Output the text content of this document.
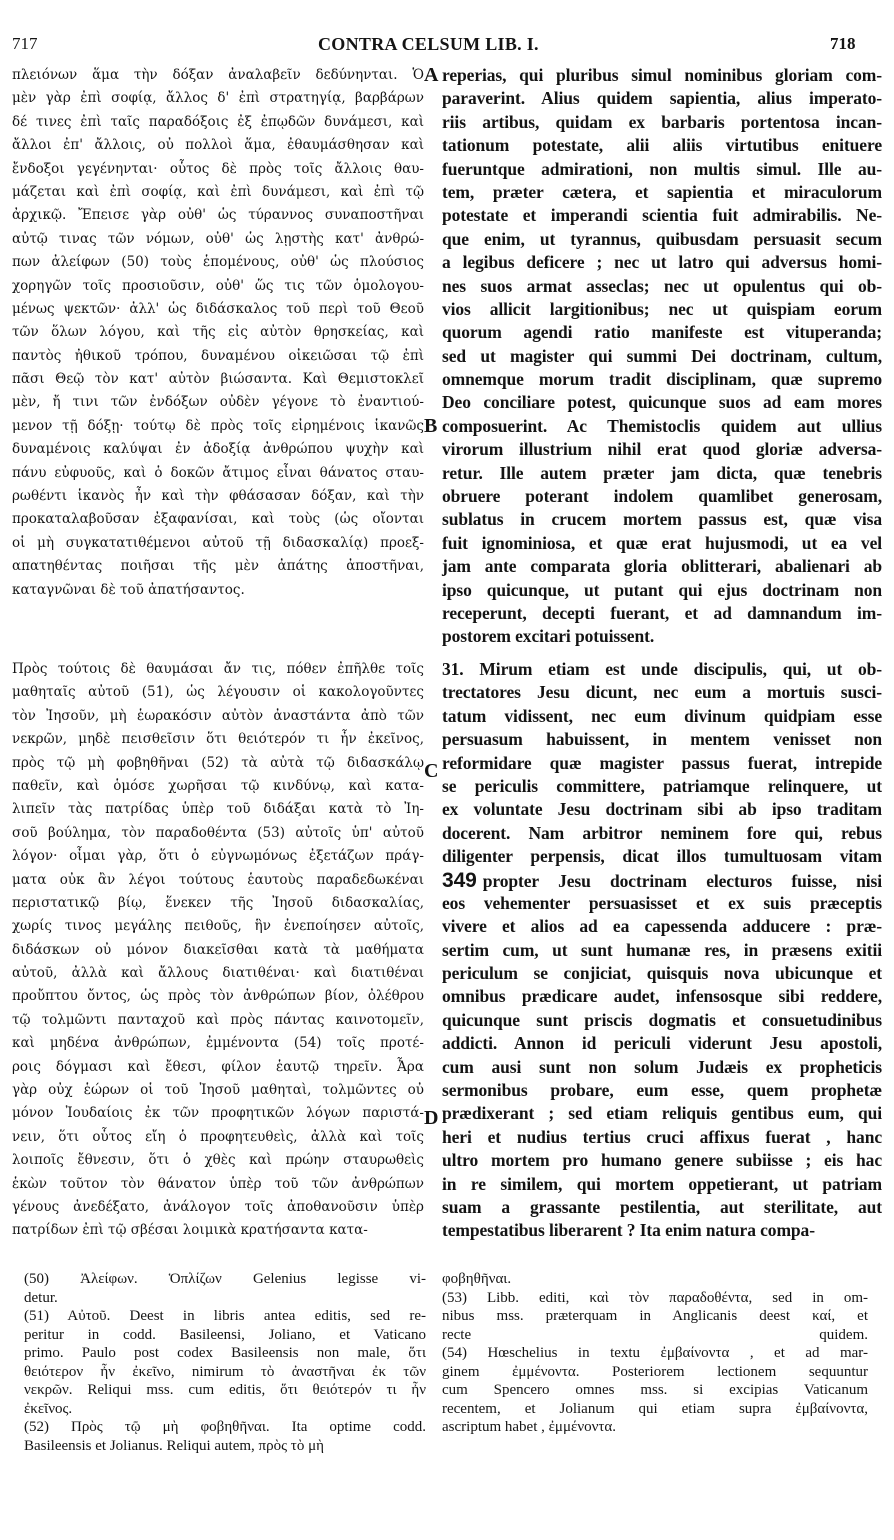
717	CONTRA CELSUM LIB. I.	718
πλειόνων ἅμα τὴν δόξαν ἀναλαβεῖν δεδύνηνται. Ὁ
μὲν γὰρ ἐπὶ σοφίᾳ, ἄλλος δ' ἐπὶ στρατηγίᾳ, βαρβάρων
δέ τινες ἐπὶ ταῖς παραδόξοις ἐξ ἐπῳδῶν δυνάμεσι, καὶ
ἄλλοι ἐπ' ἄλλοις, οὐ πολλοὶ ἅμα, ἐθαυμάσθησαν καὶ
ἔνδοξοι γεγένηνται· οὗτος δὲ πρὸς τοῖς ἄλλοις θαυ-
μάζεται καὶ ἐπὶ σοφίᾳ, καὶ ἐπὶ δυνάμεσι, καὶ ἐπὶ τῷ
ἀρχικῷ. Ἔπεισε γὰρ οὐθ' ὡς τύραννος συναποστῆναι
αὐτῷ τινας τῶν νόμων, οὐθ' ὡς λῃστὴς κατ' ἀνθρώ-
πων ἀλείφων (50) τοὺς ἑπομένους, οὐθ' ὡς πλούσιος
χορηγῶν τοῖς προσιοῦσιν, οὐθ' ὥς τις τῶν ὁμολογου-
μένως ψεκτῶν· ἀλλ' ὡς διδάσκαλος τοῦ περὶ τοῦ Θεοῦ
τῶν ὅλων λόγου, καὶ τῆς εἰς αὐτὸν θρησκείας, καὶ
παντὸς ἠθικοῦ τρόπου, δυναμένου οἰκειῶσαι τῷ ἐπὶ
πᾶσι Θεῷ τὸν κατ' αὐτὸν βιώσαντα. Καὶ Θεμιστοκλεῖ
μὲν, ἤ τινι τῶν ἐνδόξων οὐδὲν γέγονε τὸ ἐναντιού-
μενον τῇ δόξῃ· τούτῳ δὲ πρὸς τοῖς εἰρημένοις ἱκανῶς
δυναμένοις καλύψαι ἐν ἀδοξίᾳ ἀνθρώπου ψυχὴν καὶ
πάνυ εὐφυοῦς, καὶ ὁ δοκῶν ἄτιμος εἶναι θάνατος σταυ-
ρωθέντι ἱκανὸς ἦν καὶ τὴν φθάσασαν δόξαν, καὶ τὴν
προκαταλαβοῦσαν ἐξαφανίσαι, καὶ τοὺς (ὡς οἴονται
οἱ μὴ συγκατατιθέμενοι αὐτοῦ τῇ διδασκαλίᾳ) προεξ-
απατηθέντας ποιῆσαι τῆς μὲν ἀπάτης ἀποστῆναι,
καταγνῶναι δὲ τοῦ ἀπατήσαντος.
Πρὸς τούτοις δὲ θαυμάσαι ἄν τις, πόθεν ἐπῆλθε τοῖς
μαθηταῖς αὐτοῦ (51), ὡς λέγουσιν οἱ κακολογοῦντες
τὸν Ἰησοῦν, μὴ ἑωρακόσιν αὐτὸν ἀναστάντα ἀπὸ τῶν
νεκρῶν, μηδὲ πεισθεῖσιν ὅτι θειότερόν τι ἦν ἐκεῖνος,
πρὸς τῷ μὴ φοβηθῆναι (52) τὰ αὐτὰ τῷ διδασκάλῳ
παθεῖν, καὶ ὁμόσε χωρῆσαι τῷ κινδύνῳ, καὶ κατα-
λιπεῖν τὰς πατρίδας ὑπὲρ τοῦ διδάξαι κατὰ τὸ Ἰη-
σοῦ βούλημα, τὸν παραδοθέντα (53) αὐτοῖς ὑπ' αὐτοῦ
λόγον· οἶμαι γὰρ, ὅτι ὁ εὐγνωμόνως ἐξετάζων πράγ-
ματα οὐκ ἂν λέγοι τούτους ἑαυτοὺς παραδεδωκέναι
περιστατικῷ βίῳ, ἕνεκεν τῆς Ἰησοῦ διδασκαλίας,
χωρίς τινος μεγάλης πειθοῦς, ἣν ἐνεποίησεν αὐτοῖς,
διδάσκων οὐ μόνον διακεῖσθαι κατὰ τὰ μαθήματα
αὐτοῦ, ἀλλὰ καὶ ἄλλους διατιθέναι· καὶ διατιθέναι
προὔπτου ὄντος, ὡς πρὸς τὸν ἀνθρώπων βίον, ὀλέθρου
τῷ τολμῶντι πανταχοῦ καὶ πρὸς πάντας καινοτομεῖν,
καὶ μηδένα ἀνθρώπων, ἐμμένοντα (54) τοῖς προτέ-
ροις δόγμασι καὶ ἔθεσι, φίλον ἑαυτῷ τηρεῖν. Ἆρα
γὰρ οὐχ ἑώρων οἱ τοῦ Ἰησοῦ μαθηταὶ, τολμῶντες οὐ
μόνον Ἰουδαίοις ἐκ τῶν προφητικῶν λόγων παριστά-
νειν, ὅτι οὗτος εἴη ὁ προφητευθεὶς, ἀλλὰ καὶ τοῖς
λοιποῖς ἔθνεσιν, ὅτι ὁ χθὲς καὶ πρώην σταυρωθεὶς
ἑκὼν τοῦτον τὸν θάνατον ὑπὲρ τοῦ τῶν ἀνθρώπων
γένους ἀνεδέξατο, ἀνάλογον τοῖς ἀποθανοῦσιν ὑπὲρ
πατρίδων ἐπὶ τῷ σβέσαι λοιμικὰ κρατήσαντα κατα-
reperias, qui pluribus simul nominibus gloriam com-
paraverint. Alius quidem sapientia, alius imperato-
riis artibus, quidam ex barbaris portentosa incan-
tationum potestate, alii aliis virtutibus enituere
fueruntque admirationi, non multis simul. Ille au-
tem, præter cætera, et sapientia et miraculorum
potestate et imperandi scientia fuit admirabilis. Ne-
que enim, ut tyrannus, quibusdam persuasit secum
a legibus deficere ; nec ut latro qui adversus homi-
nes suos armat asseclas; nec ut opulentus qui ob-
vios allicit largitionibus; nec ut quispiam eorum
quorum agendi ratio manifeste est vituperanda;
sed ut magister qui summi Dei doctrinam, cultum,
omnemque morum tradit disciplinam, quæ supremo
Deo conciliare potest, quicunque suos ad eam mores
composuerint. Ac Themistoclis quidem aut ullius
virorum illustrium nihil erat quod gloriæ adversa-
retur. Ille autem præter jam dicta, quæ tenebris
obruere poterant indolem quamlibet generosam,
sublatus in crucem mortem passus est, quæ visa
fuit ignominiosa, et quæ erat hujusmodi, ut ea vel
jam ante comparata gloria oblitterari, abalienari ab
ipso quicunque, ut putant qui ejus doctrinam non
receperunt, decepti fuerant, et ad damnandum im-
postorem excitari potuissent.
31. Mirum etiam est unde discipulis, qui, ut ob-
trectatores Jesu dicunt, nec eum a mortuis susci-
tatum vidissent, nec eum divinum quidpiam esse
persuasum habuissent, in mentem venisset non
reformidare quæ magister passus fuerat, intrepide
se periculis committere, patriamque relinquere, ut
ex voluntate Jesu doctrinam sibi ab ipso traditam
docerent. Nam arbitror neminem fore qui, rebus
diligenter perpensis, dicat illos tumultuosam vitam
349 propter Jesu doctrinam electuros fuisse, nisi
eos vehementer persuasisset et ex suis præceptis
vivere et alios ad ea capessenda adducere : præ-
sertim cum, ut sunt humanæ res, in præsens exitii
periculum se conjiciat, quisquis nova ubicunque et
omnibus prædicare audet, infensosque sibi reddere,
quicunque sunt priscis dogmatis et consuetudinibus
addicti. Annon id periculi viderunt Jesu apostoli,
cum ausi sunt non solum Judæis ex propheticis
sermonibus probare, eum esse, quem prophetæ
prædixerant ; sed etiam reliquis gentibus eum, qui
heri et nudius tertius cruci affixus fuerat , hanc
ultro mortem pro humano genere subiisse ; eis hac
in re similem, qui mortem oppetierant, ut patriam
suam a grassante pestilentia, aut sterilitate, aut
tempestatibus liberarent ? Ita enim natura compa-
A
B
C
D
(50) Ἀλείφων. Ὁπλίζων Gelenius legisse vi-
detur.
(51) Αὐτοῦ. Deest in libris antea editis, sed re-
peritur in codd. Basileensi, Joliano, et Vaticano
primo. Paulo post codex Basileensis non male, ὅτι
θειότερον ἦν ἐκεῖνο, nimirum τὸ ἀναστῆναι ἐκ τῶν
νεκρῶν. Reliqui mss. cum editis, ὅτι θειότερόν τι ἦν
ἐκεῖνος.
(52) Πρὸς τῷ μὴ φοβηθῆναι. Ita optime codd.
Basileensis et Jolianus. Reliqui autem, πρὸς τὸ μὴ
φοβηθῆναι.
(53) Libb. editi, καὶ τὸν παραδοθέντα, sed in om-
nibus mss. præterquam in Anglicanis deest καί, et
recte quidem.
(54) Hœschelius in textu ἐμβαίνοντα , et ad mar-
ginem ἐμμένοντα. Posteriorem lectionem sequuntur
cum Spencero omnes mss. si excipias Vaticanum
recentem, et Jolianum qui etiam supra ἐμβαίνοντα,
ascriptum habet , ἐμμένοντα.
